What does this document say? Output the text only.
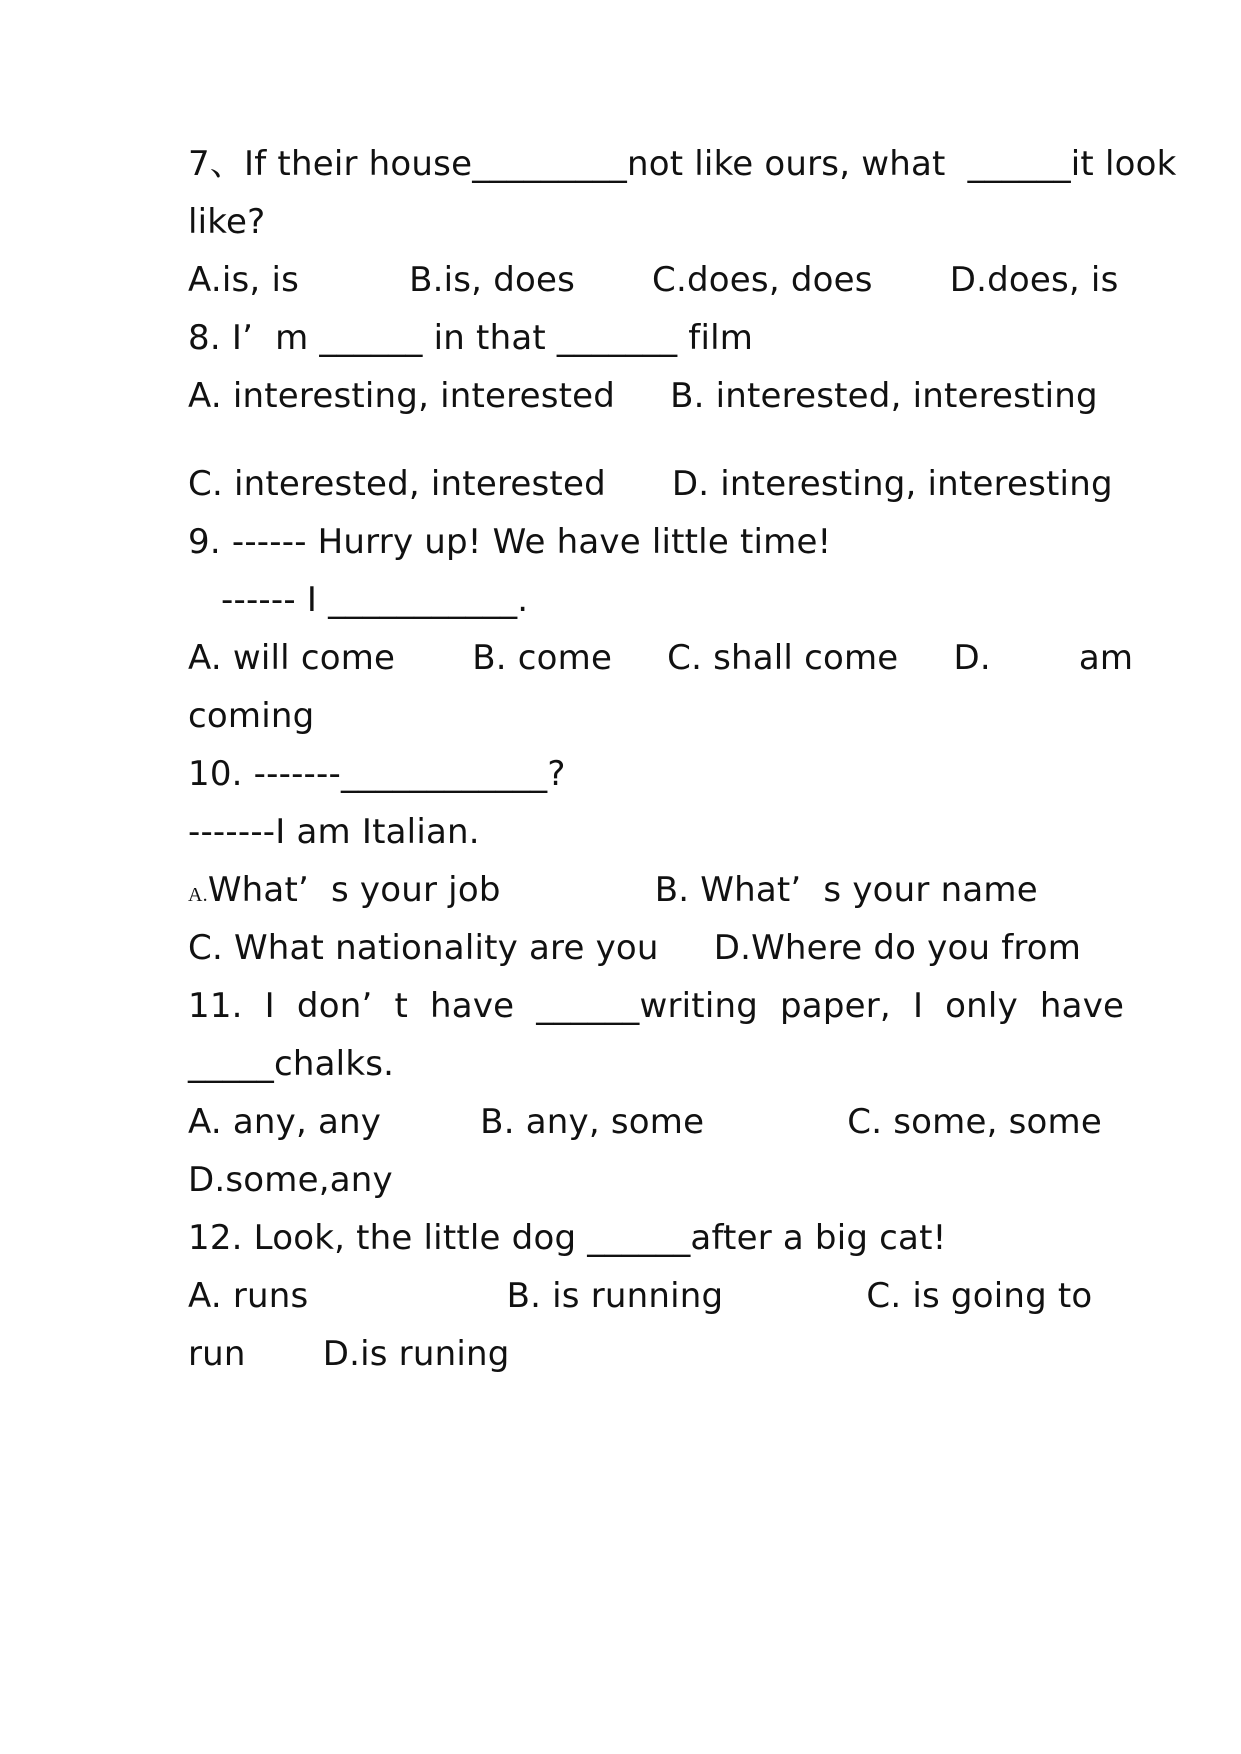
7、If their house_________not like ours, what  ______it look
like?
A.is, is          B.is, does       C.does, does       D.does, is
8. I’  m ______ in that _______ film
A. interesting, interested     B. interested, interesting
C. interested, interested      D. interesting, interesting
9. ------ Hurry up! We have little time!
------ I ___________.
A. will come       B. come     C. shall come     D.        am
coming
10. -------____________?
-------I am Italian.
A.What’  s your job              B. What’  s your name
C. What nationality are you     D.Where do you from
11.  I  don’  t  have  ______writing  paper,  I  only  have
_____chalks.
A. any, any         B. any, some             C. some, some
D.some,any
12. Look, the little dog ______after a big cat!
A. runs                  B. is running             C. is going to
run       D.is runing
